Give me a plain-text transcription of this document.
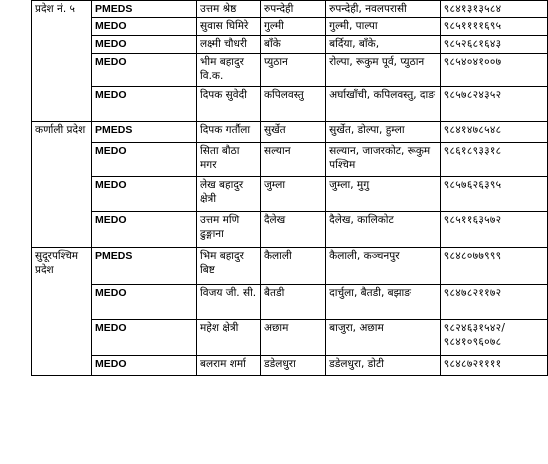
प्रदेश नं. ५	PMEDS	उत्तम श्रेष्ठ	रुपन्देही	रुपन्देही, नवलपरासी	९८४१३१३५८४
	MEDO	सुवास घिमिरे	गुल्मी	गुल्मी, पाल्पा	९८५११११६९५
	MEDO	लक्ष्मी चौधरी	बाँके	बर्दिया, बाँके,	९८५२६८१६४३
	MEDO	भीम बहादुर वि.क.	प्युठान	रोल्पा, रूकुम पूर्व, प्युठान	९८५४०४१००७
	MEDO	दिपक सुवेदी	कपिलवस्तु	अर्घाखाँची, कपिलवस्तु, दाङ	९८५७८२४३५२
कर्णाली प्रदेश	PMEDS	दिपक गर्तौला	सुर्खेत	सुर्खेत, डोल्पा, हुम्ला	९८४१४७८५४८
	MEDO	सिता बौठा मगर	सल्यान	सल्यान, जाजरकोट, रूकुम पश्चिम	९८६१८९३३१८
	MEDO	लेख बहादुर क्षेत्री	जुम्ला	जुम्ला, मुगु	९८५७६२६३९५
	MEDO	उत्तम मणि ढुङ्गाना	दैलेख	दैलेख, कालिकोट	९८५११६३५७२
सुदूरपश्चिम प्रदेश	PMEDS	भिम बहादुर बिष्ट	कैलाली	कैलाली, कञ्चनपुर	९८४८०७७९९९
	MEDO	विजय जी. सी.	बैतडी	दार्चुला, बैतडी, बझाङ	९८४७८२११७२
	MEDO	महेश क्षेत्री	अछाम	बाजुरा, अछाम	९८२४६३१५४२/ ९८४१०९६०७८
	MEDO	बलराम शर्मा	डडेलधुरा	डडेलधुरा, डोटी	९८४८७२११११
